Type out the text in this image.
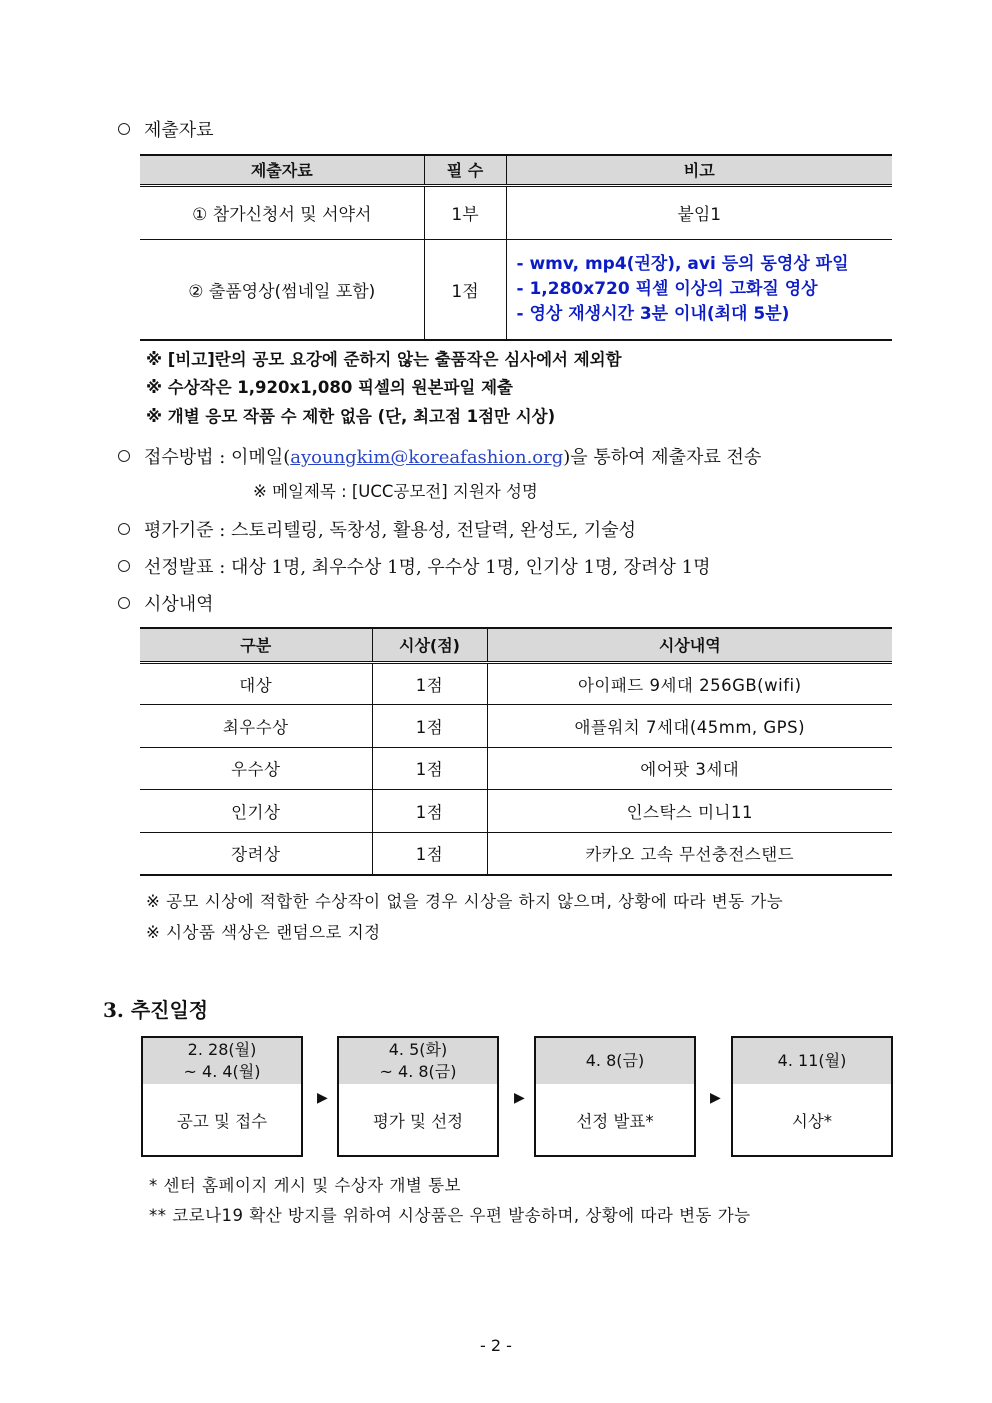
제출자료
제출자료	필 수	비고
① 참가신청서 및 서약서	1부	붙임1
② 출품영상(썸네일 포함)	1점	- wmv, mp4(권장), avi 등의 동영상 파일
- 1,280x720 픽셀 이상의 고화질 영상
- 영상 재생시간 3분 이내(최대 5분)
※ [비고]란의 공모 요강에 준하지 않는 출품작은 심사에서 제외함
※ 수상작은 1,920x1,080 픽셀의 원본파일 제출
※ 개별 응모 작품 수 제한 없음 (단, 최고점 1점만 시상)
접수방법 : 이메일(ayoungkim@koreafashion.org)을 통하여 제출자료 전송
※ 메일제목 : [UCC공모전] 지원자 성명
평가기준 : 스토리텔링, 독창성, 활용성, 전달력, 완성도, 기술성
선정발표 : 대상 1명, 최우수상 1명, 우수상 1명, 인기상 1명, 장려상 1명
시상내역
구분	시상(점)	시상내역
대상	1점	아이패드 9세대 256GB(wifi)
최우수상	1점	애플워치 7세대(45mm, GPS)
우수상	1점	에어팟 3세대
인기상	1점	인스탁스 미니11
장려상	1점	카카오 고속 무선충전스탠드
※ 공모 시상에 적합한 수상작이 없을 경우 시상을 하지 않으며, 상황에 따라 변동 가능
※ 시상품 색상은 랜덤으로 지정
3. 추진일정
2. 28(월)
~ 4. 4(월)
공고 및 접수
▶
4. 5(화)
~ 4. 8(금)
평가 및 선정
▶
4. 8(금)
선정 발표*
▶
4. 11(월)
시상*
* 센터 홈페이지 게시 및 수상자 개별 통보
** 코로나19 확산 방지를 위하여 시상품은 우편 발송하며, 상황에 따라 변동 가능
- 2 -
